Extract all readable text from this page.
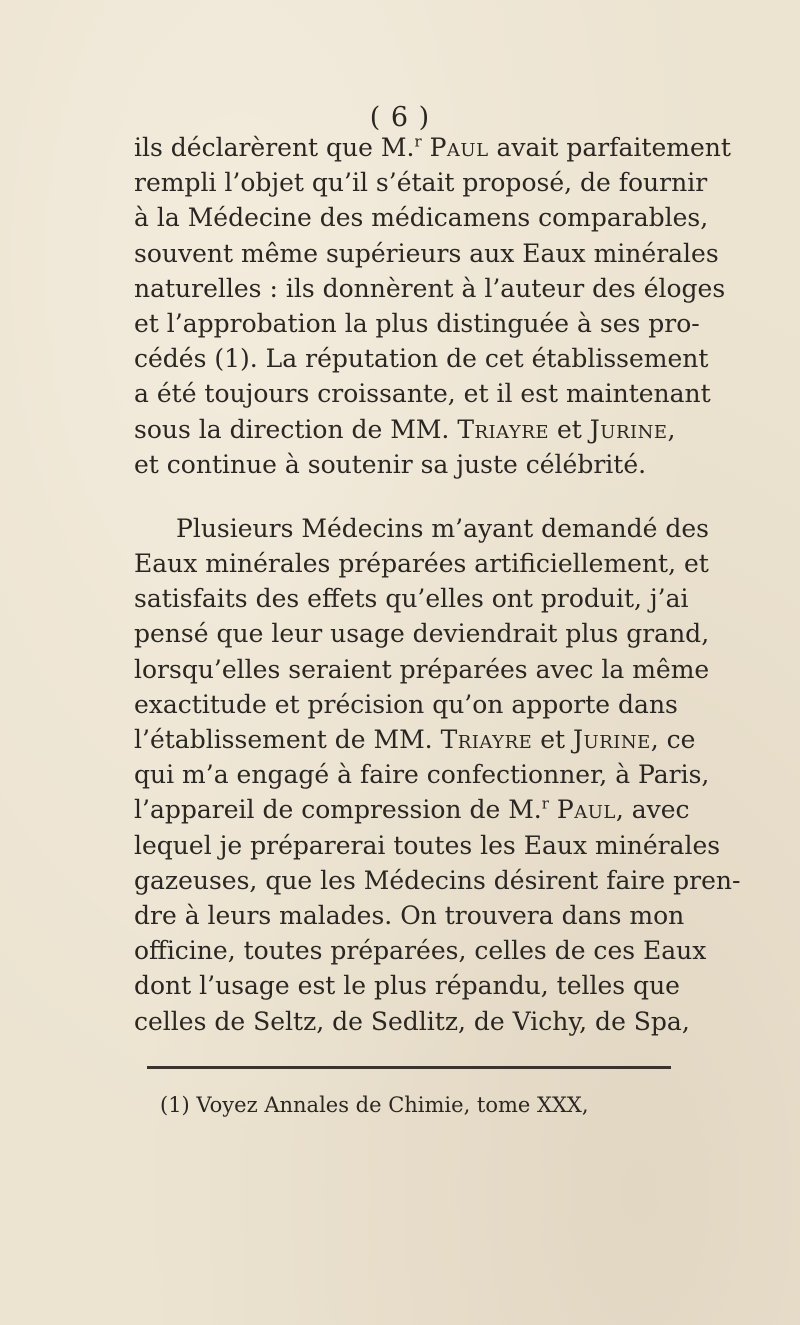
( 6 )
ils déclarèrent que M.$^r$ Paul avait parfaitement
rempli l’objet qu’il s’était proposé, de fournir
à la Médecine des médicamens comparables,
souvent même supérieurs aux Eaux minérales
naturelles : ils donnèrent à l’auteur des éloges
et l’approbation la plus distinguée à ses pro-
cédés (1). La réputation de cet établissement
a été toujours croissante, et il est maintenant
sous la direction de MM. Triayre et Jurine,
et continue à soutenir sa juste célébrité.
Plusieurs Médecins m’ayant demandé des
Eaux minérales préparées artificiellement, et
satisfaits des effets qu’elles ont produit, j’ai
pensé que leur usage deviendrait plus grand,
lorsqu’elles seraient préparées avec la même
exactitude et précision qu’on apporte dans
l’établissement de MM. Triayre et Jurine, ce
qui m’a engagé à faire confectionner, à Paris,
l’appareil de compression de M.$^r$ Paul, avec
lequel je préparerai toutes les Eaux minérales
gazeuses, que les Médecins désirent faire pren-
dre à leurs malades. On trouvera dans mon
officine, toutes préparées, celles de ces Eaux
dont l’usage est le plus répandu, telles que
celles de Seltz, de Sedlitz, de Vichy, de Spa,
(1) Voyez Annales de Chimie, tome XXX,
